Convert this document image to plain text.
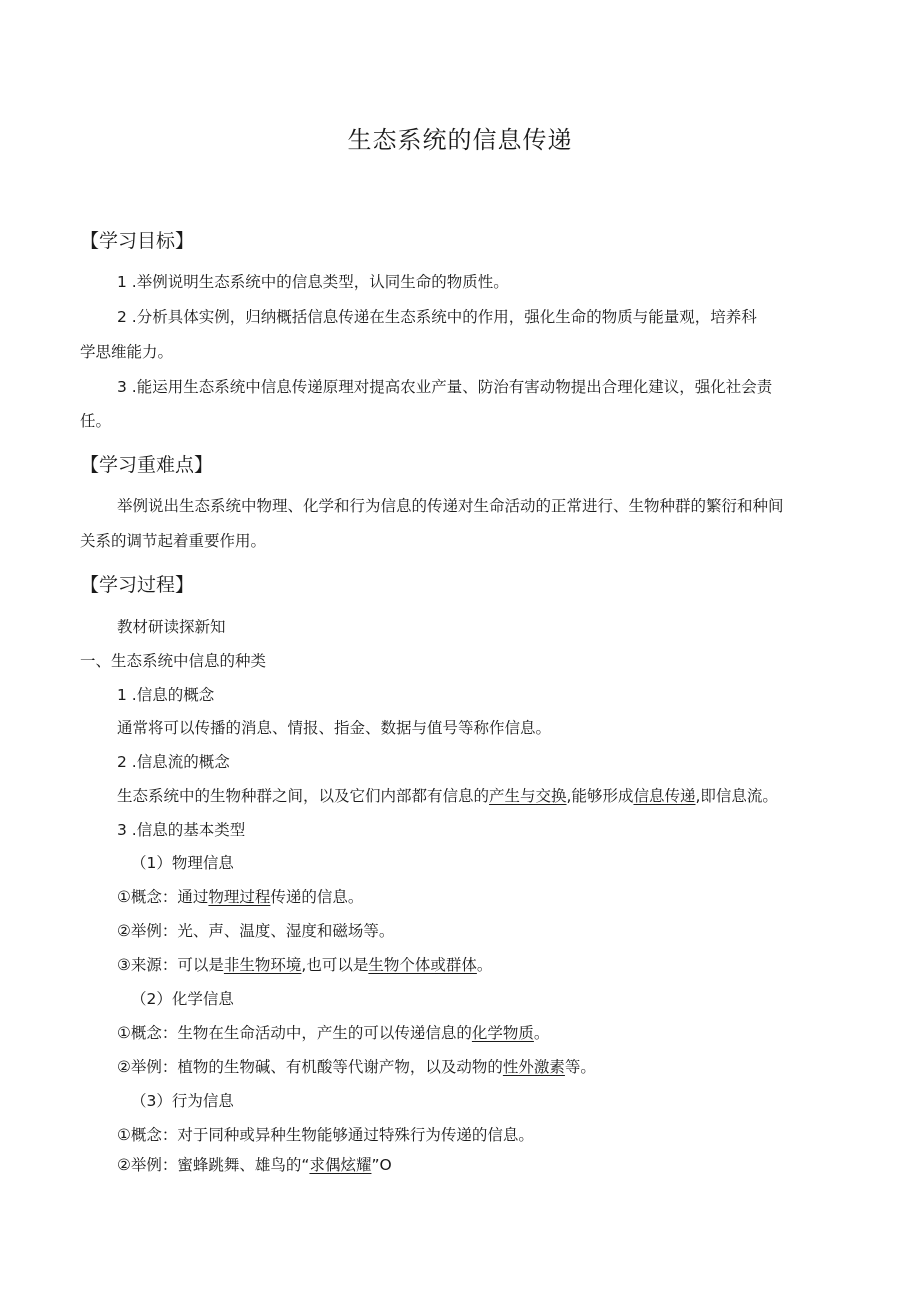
生态系统的信息传递
【学习目标】
1 .举例说明生态系统中的信息类型，认同生命的物质性。
2 .分析具体实例，归纳概括信息传递在生态系统中的作用，强化生命的物质与能量观，培养科
学思维能力。
3 .能运用生态系统中信息传递原理对提高农业产量、防治有害动物提出合理化建议，强化社会责
任。
【学习重难点】
举例说出生态系统中物理、化学和行为信息的传递对生命活动的正常进行、生物种群的繁衍和种间
关系的调节起着重要作用。
【学习过程】
教材研读探新知
一、生态系统中信息的种类
1 .信息的概念
通常将可以传播的消息、情报、指金、数据与值号等称作信息。
2 .信息流的概念
生态系统中的生物种群之间，以及它们内部都有信息的产生与交换,能够形成信息传递,即信息流。
3 .信息的基本类型
（1）物理信息
①概念：通过物理过程传递的信息。
②举例：光、声、温度、湿度和磁场等。
③来源：可以是非生物环境,也可以是生物个体或群体。
（2）化学信息
①概念：生物在生命活动中，产生的可以传递信息的化学物质。
②举例：植物的生物碱、有机酸等代谢产物，以及动物的性外激素等。
（3）行为信息
①概念：对于同种或异种生物能够通过特殊行为传递的信息。
②举例：蜜蜂跳舞、雄鸟的“求偶炫耀”O
